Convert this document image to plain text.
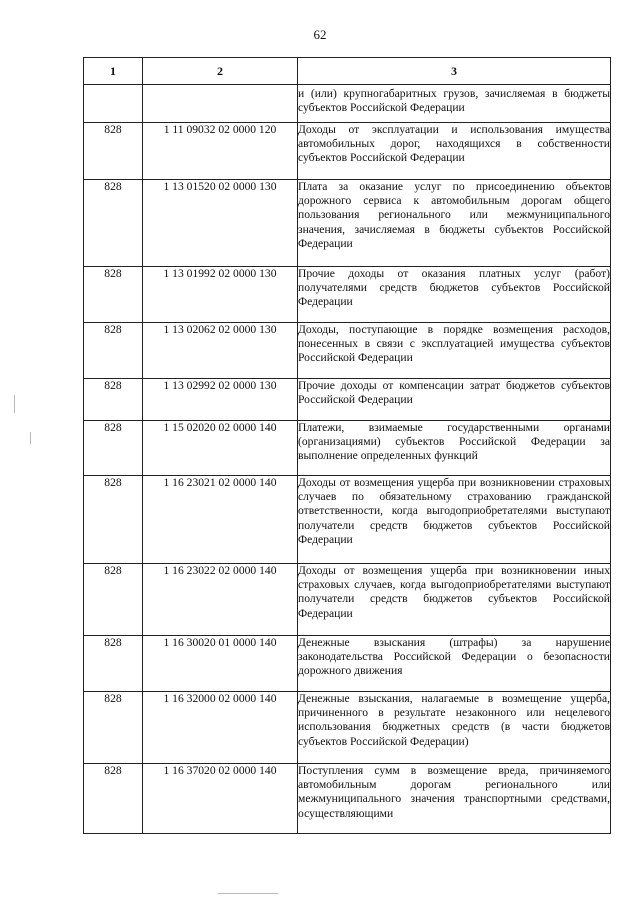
62
1	2	3
		и (или) крупногабаритных грузов, зачисляемая в бюджеты субъектов Российской Федерации
828	1 11 09032 02 0000 120	Доходы от эксплуатации и использования имущества автомобильных дорог, находящихся в собственности субъектов Российской Федерации
828	1 13 01520 02 0000 130	Плата за оказание услуг по присоединению объектов дорожного сервиса к автомобильным дорогам общего пользования регионального или межмуниципального значения, зачисляемая в бюджеты субъектов Российской Федерации
828	1 13 01992 02 0000 130	Прочие доходы от оказания платных услуг (работ) получателями средств бюджетов субъектов Российской Федерации
828	1 13 02062 02 0000 130	Доходы, поступающие в порядке возмещения расходов, понесенных в связи с эксплуатацией имущества субъектов Российской Федерации
828	1 13 02992 02 0000 130	Прочие доходы от компенсации затрат бюджетов субъектов Российской Федерации
828	1 15 02020 02 0000 140	Платежи, взимаемые государственными органами (организациями) субъектов Российской Федерации за выполнение определенных функций
828	1 16 23021 02 0000 140	Доходы от возмещения ущерба при возникновении страховых случаев по обязательному страхованию гражданской ответственности, когда выгодоприобретателями выступают получатели средств бюджетов субъектов Российской Федерации
828	1 16 23022 02 0000 140	Доходы от возмещения ущерба при возникновении иных страховых случаев, когда выгодоприобретателями выступают получатели средств бюджетов субъектов Российской Федерации
828	1 16 30020 01 0000 140	Денежные взыскания (штрафы) за нарушение законодательства Российской Федерации о безопасности дорожного движения
828	1 16 32000 02 0000 140	Денежные взыскания, налагаемые в возмещение ущерба, причиненного в результате незаконного или нецелевого использования бюджетных средств (в части бюджетов субъектов Российской Федерации)
828	1 16 37020 02 0000 140	Поступления сумм в возмещение вреда, причиняемого автомобильным дорогам регионального или межмуниципального значения транспортными средствами, осуществляющими
